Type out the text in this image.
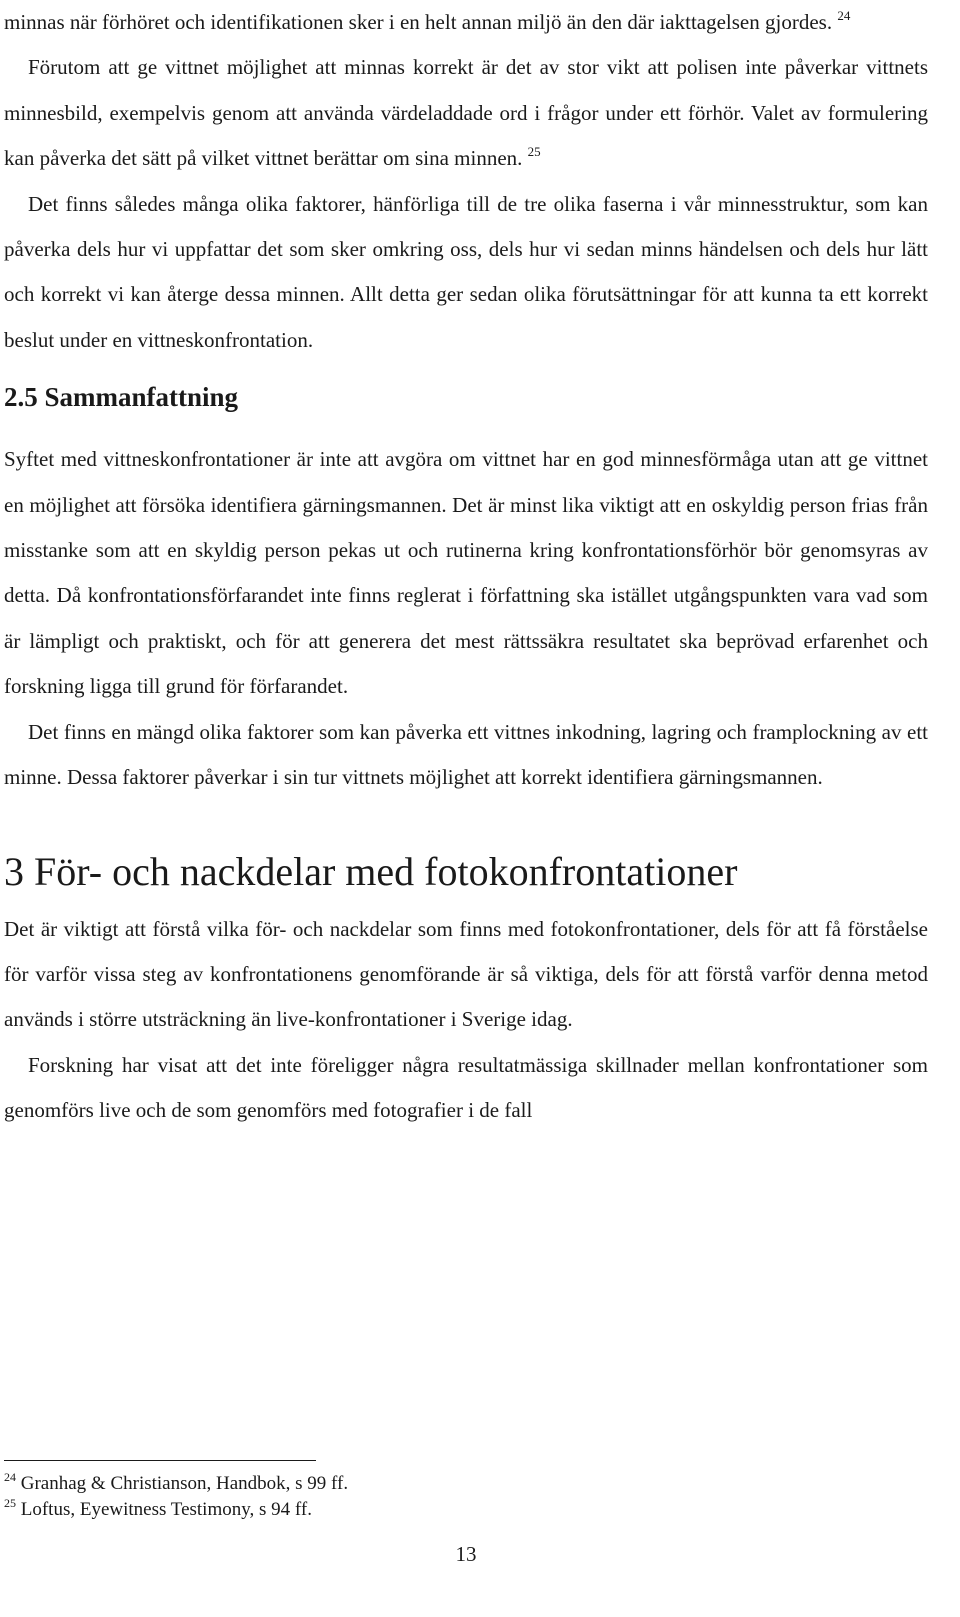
minnas när förhöret och identifikationen sker i en helt annan miljö än den där iakttagelsen gjordes. $^{24}$

Förutom att ge vittnet möjlighet att minnas korrekt är det av stor vikt att polisen inte påverkar vittnets minnesbild, exempelvis genom att använda värdeladdade ord i frågor under ett förhör. Valet av formulering kan påverka det sätt på vilket vittnet berättar om sina minnen. $^{25}$

Det finns således många olika faktorer, hänförliga till de tre olika faserna i vår minnesstruktur, som kan påverka dels hur vi uppfattar det som sker omkring oss, dels hur vi sedan minns händelsen och dels hur lätt och korrekt vi kan återge dessa minnen. Allt detta ger sedan olika förutsättningar för att kunna ta ett korrekt beslut under en vittneskonfrontation.

2.5 Sammanfattning

Syftet med vittneskonfrontationer är inte att avgöra om vittnet har en god minnesförmåga utan att ge vittnet en möjlighet att försöka identifiera gärningsmannen. Det är minst lika viktigt att en oskyldig person frias från misstanke som att en skyldig person pekas ut och rutinerna kring konfrontationsförhör bör genomsyras av detta. Då konfrontationsförfarandet inte finns reglerat i författning ska istället utgångspunkten vara vad som är lämpligt och praktiskt, och för att generera det mest rättssäkra resultatet ska beprövad erfarenhet och forskning ligga till grund för förfarandet.

Det finns en mängd olika faktorer som kan påverka ett vittnes inkodning, lagring och framplockning av ett minne. Dessa faktorer påverkar i sin tur vittnets möjlighet att korrekt identifiera gärningsmannen.

3 För- och nackdelar med fotokonfrontationer

Det är viktigt att förstå vilka för- och nackdelar som finns med fotokonfrontationer, dels för att få förståelse för varför vissa steg av konfrontationens genomförande är så viktiga, dels för att förstå varför denna metod används i större utsträckning än live-konfrontationer i Sverige idag.

Forskning har visat att det inte föreligger några resultatmässiga skillnader mellan konfrontationer som genomförs live och de som genomförs med fotografier i de fall

$^{24}$ Granhag & Christianson, Handbok, s 99 ff.
$^{25}$ Loftus, Eyewitness Testimony, s 94 ff.
13
